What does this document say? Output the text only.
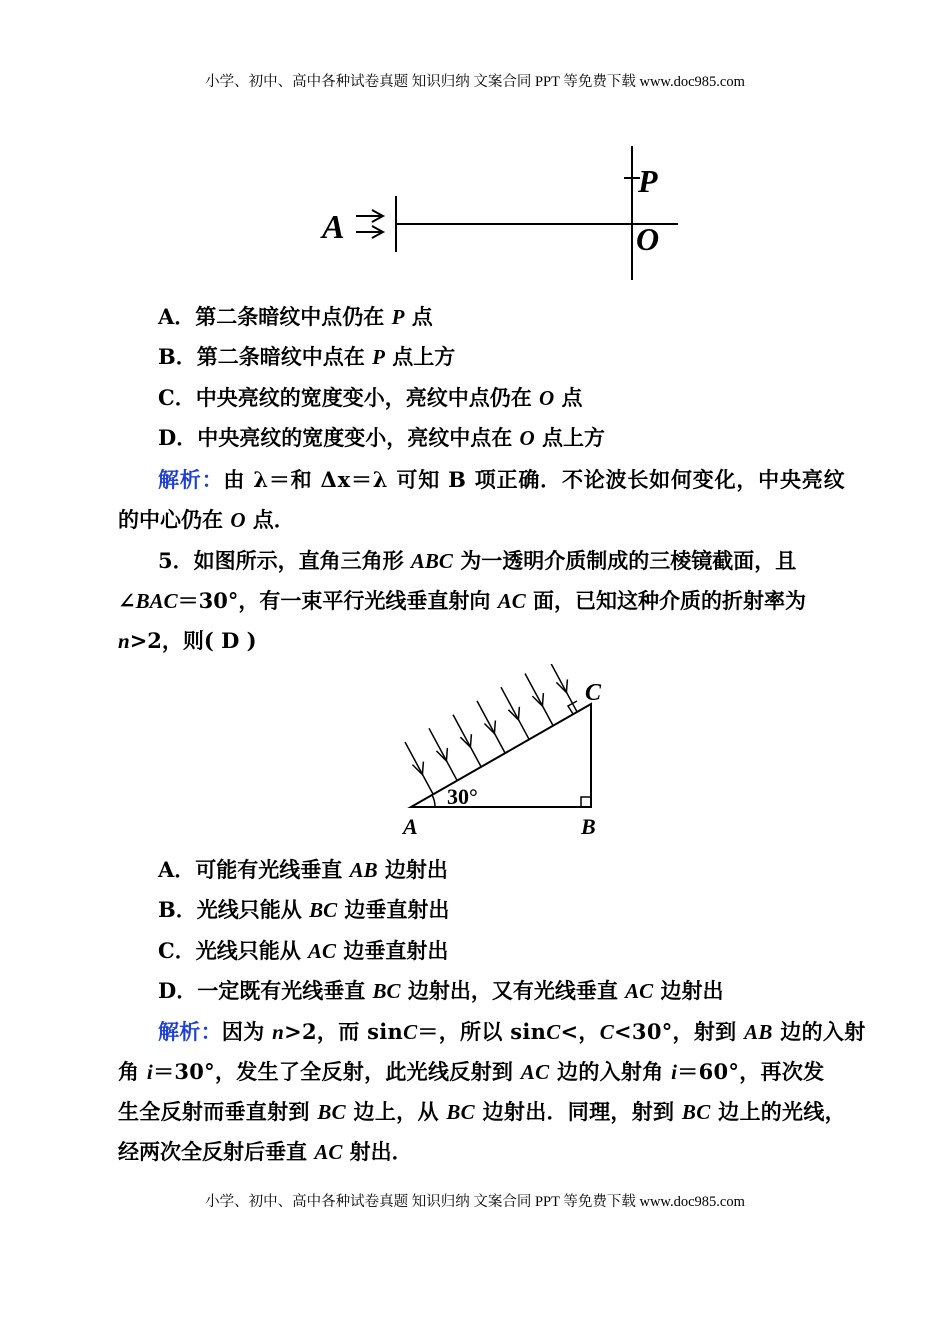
小学、初中、高中各种试卷真题 知识归纳 文案合同 PPT 等免费下载 www.doc985.com
A
P
O
A．第二条暗纹中点仍在 P 点
B．第二条暗纹中点在 P 点上方
C．中央亮纹的宽度变小，亮纹中点仍在 O 点
D．中央亮纹的宽度变小，亮纹中点在 O 点上方
解析：由 λ＝和 Δx＝λ 可知 B 项正确．不论波长如何变化，中央亮纹
的中心仍在 O 点．
5．如图所示，直角三角形 ABC 为一透明介质制成的三棱镜截面，且
∠BAC＝30°，有一束平行光线垂直射向 AC 面，已知这种介质的折射率为
n>2，则( D )
30°
A	B
C
A．可能有光线垂直 AB 边射出
B．光线只能从 BC 边垂直射出
C．光线只能从 AC 边垂直射出
D．一定既有光线垂直 BC 边射出，又有光线垂直 AC 边射出
解析：因为 n>2，而 sinC＝，所以 sinC<，C<30°，射到 AB 边的入射
角 i＝30°，发生了全反射，此光线反射到 AC 边的入射角 i＝60°，再次发
生全反射而垂直射到 BC 边上，从 BC 边射出．同理，射到 BC 边上的光线，
经两次全反射后垂直 AC 射出．
小学、初中、高中各种试卷真题 知识归纳 文案合同 PPT 等免费下载 www.doc985.com
